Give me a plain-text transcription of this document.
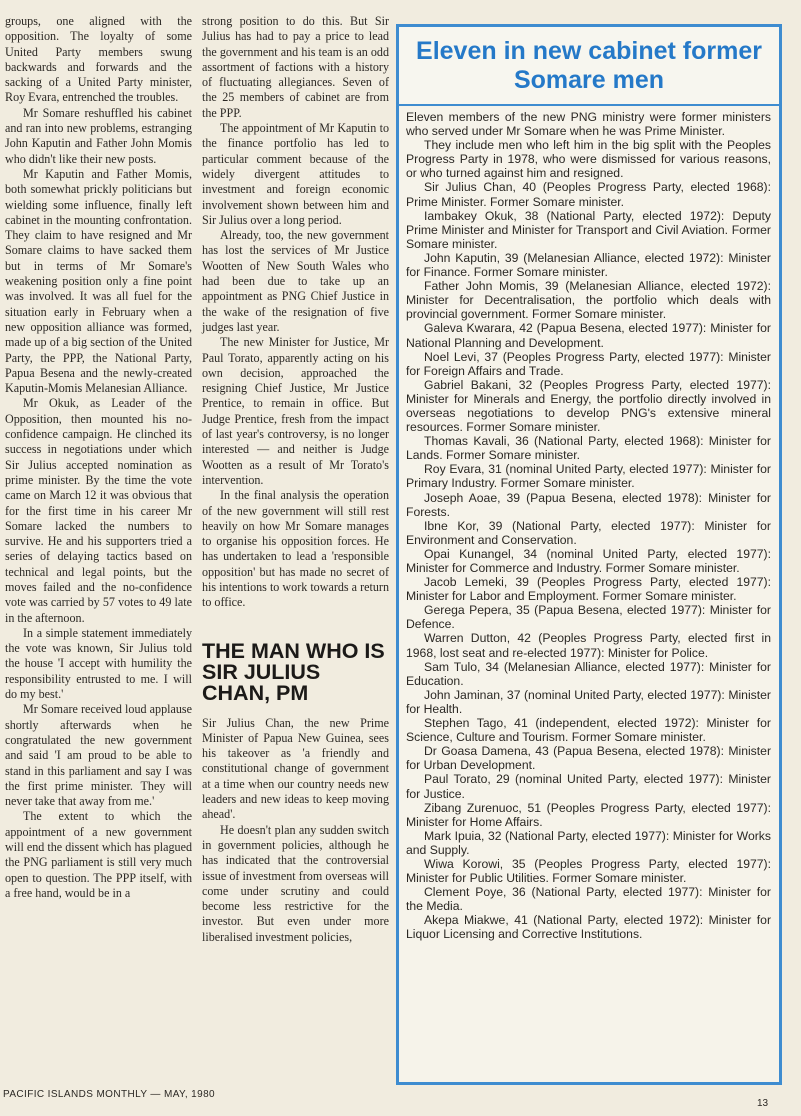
groups, one aligned with the opposition. The loyalty of some United Party members swung backwards and forwards and the sacking of a United Party minister, Roy Evara, entrenched the troubles.

Mr Somare reshuffled his cabinet and ran into new problems, estranging John Kaputin and Father John Momis who didn't like their new posts.

Mr Kaputin and Father Momis, both somewhat prickly politicians but wielding some influence, finally left cabinet in the mounting confrontation. They claim to have resigned and Mr Somare claims to have sacked them but in terms of Mr Somare's weakening position only a fine point was involved. It was all fuel for the situation early in February when a new opposition alliance was formed, made up of a big section of the United Party, the PPP, the National Party, Papua Besena and the newly-created Kaputin-Momis Melanesian Alliance.

Mr Okuk, as Leader of the Opposition, then mounted his no-confidence campaign. He clinched its success in negotiations under which Sir Julius accepted nomination as prime minister. By the time the vote came on March 12 it was obvious that for the first time in his career Mr Somare lacked the numbers to survive. He and his supporters tried a series of delaying tactics based on technical and legal points, but the moves failed and the no-confidence vote was carried by 57 votes to 49 late in the afternoon.

In a simple statement immediately the vote was known, Sir Julius told the house 'I accept with humility the responsibility entrusted to me. I will do my best.'

Mr Somare received loud applause shortly afterwards when he congratulated the new government and said 'I am proud to be able to stand in this parliament and say I was the first prime minister. They will never take that away from me.'

The extent to which the appointment of a new government will end the dissent which has plagued the PNG parliament is still very much open to question. The PPP itself, with a free hand, would be in a

strong position to do this. But Sir Julius has had to pay a price to lead the government and his team is an odd assortment of factions with a history of fluctuating allegiances. Seven of the 25 members of cabinet are from the PPP.

The appointment of Mr Kaputin to the finance portfolio has led to particular comment because of the widely divergent attitudes to investment and foreign economic involvement shown between him and Sir Julius over a long period.

Already, too, the new government has lost the services of Mr Justice Wootten of New South Wales who had been due to take up an appointment as PNG Chief Justice in the wake of the resignation of five judges last year.

The new Minister for Justice, Mr Paul Torato, apparently acting on his own decision, approached the resigning Chief Justice, Mr Justice Prentice, to remain in office. But Judge Prentice, fresh from the impact of last year's controversy, is no longer interested — and neither is Judge Wootten as a result of Mr Torato's intervention.

In the final analysis the operation of the new government will still rest heavily on how Mr Somare manages to organise his opposition forces. He has undertaken to lead a 'responsible opposition' but has made no secret of his intentions to work towards a return to office.

THE MAN WHO IS SIR JULIUS CHAN, PM

Sir Julius Chan, the new Prime Minister of Papua New Guinea, sees his takeover as 'a friendly and constitutional change of government at a time when our country needs new leaders and new ideas to keep moving ahead'.

He doesn't plan any sudden switch in government policies, although he has indicated that the controversial issue of investment from overseas will come under scrutiny and could become less restrictive for the investor. But even under more liberalised investment policies,

Eleven in new cabinet former Somare men

Eleven members of the new PNG ministry were former ministers who served under Mr Somare when he was Prime Minister.

They include men who left him in the big split with the Peoples Progress Party in 1978, who were dismissed for various reasons, or who turned against him and resigned.

Sir Julius Chan, 40 (Peoples Progress Party, elected 1968): Prime Minister. Former Somare minister.

Iambakey Okuk, 38 (National Party, elected 1972): Deputy Prime Minister and Minister for Transport and Civil Aviation. Former Somare minister.

John Kaputin, 39 (Melanesian Alliance, elected 1972): Minister for Finance. Former Somare minister.

Father John Momis, 39 (Melanesian Alliance, elected 1972): Minister for Decentralisation, the portfolio which deals with provincial government. Former Somare minister.

Galeva Kwarara, 42 (Papua Besena, elected 1977): Minister for National Planning and Development.

Noel Levi, 37 (Peoples Progress Party, elected 1977): Minister for Foreign Affairs and Trade.

Gabriel Bakani, 32 (Peoples Progress Party, elected 1977): Minister for Minerals and Energy, the portfolio directly involved in overseas negotiations to develop PNG's extensive mineral resources. Former Somare minister.

Thomas Kavali, 36 (National Party, elected 1968): Minister for Lands. Former Somare minister.

Roy Evara, 31 (nominal United Party, elected 1977): Minister for Primary Industry. Former Somare minister.

Joseph Aoae, 39 (Papua Besena, elected 1978): Minister for Forests.

Ibne Kor, 39 (National Party, elected 1977): Minister for Environment and Conservation.

Opai Kunangel, 34 (nominal United Party, elected 1977): Minister for Commerce and Industry. Former Somare minister.

Jacob Lemeki, 39 (Peoples Progress Party, elected 1977): Minister for Labor and Employment. Former Somare minister.

Gerega Pepera, 35 (Papua Besena, elected 1977): Minister for Defence.

Warren Dutton, 42 (Peoples Progress Party, elected first in 1968, lost seat and re-elected 1977): Minister for Police.

Sam Tulo, 34 (Melanesian Alliance, elected 1977): Minister for Education.

John Jaminan, 37 (nominal United Party, elected 1977): Minister for Health.

Stephen Tago, 41 (independent, elected 1972): Minister for Science, Culture and Tourism. Former Somare minister.

Dr Goasa Damena, 43 (Papua Besena, elected 1978): Minister for Urban Development.

Paul Torato, 29 (nominal United Party, elected 1977): Minister for Justice.

Zibang Zurenuoc, 51 (Peoples Progress Party, elected 1977): Minister for Home Affairs.

Mark Ipuia, 32 (National Party, elected 1977): Minister for Works and Supply.

Wiwa Korowi, 35 (Peoples Progress Party, elected 1977): Minister for Public Utilities. Former Somare minister.

Clement Poye, 36 (National Party, elected 1977): Minister for the Media.

Akepa Miakwe, 41 (National Party, elected 1972): Minister for Liquor Licensing and Corrective Institutions.

PACIFIC ISLANDS MONTHLY — MAY, 1980
13
